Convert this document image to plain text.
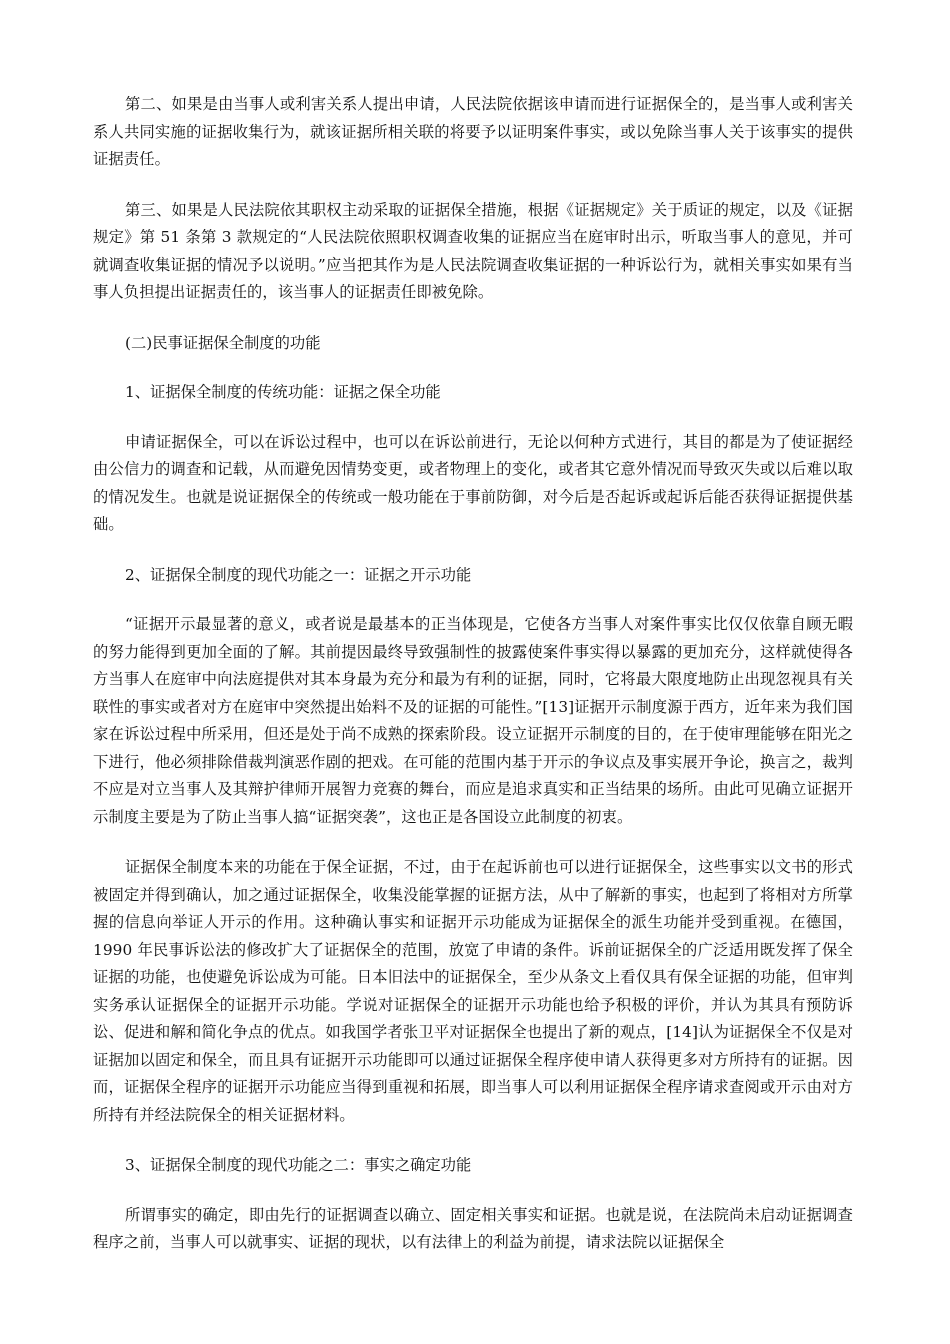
第二、如果是由当事人或利害关系人提出申请，人民法院依据该申请而进行证据保全的，是当事人或利害关系人共同实施的证据收集行为，就该证据所相关联的将要予以证明案件事实，或以免除当事人关于该事实的提供证据责任。

第三、如果是人民法院依其职权主动采取的证据保全措施，根据《证据规定》关于质证的规定，以及《证据规定》第 51 条第 3 款规定的“人民法院依照职权调查收集的证据应当在庭审时出示，听取当事人的意见，并可就调查收集证据的情况予以说明。”应当把其作为是人民法院调查收集证据的一种诉讼行为，就相关事实如果有当事人负担提出证据责任的，该当事人的证据责任即被免除。

(二)民事证据保全制度的功能

1、证据保全制度的传统功能：证据之保全功能

申请证据保全，可以在诉讼过程中，也可以在诉讼前进行，无论以何种方式进行，其目的都是为了使证据经由公信力的调查和记载，从而避免因情势变更，或者物理上的变化，或者其它意外情况而导致灭失或以后难以取的情况发生。也就是说证据保全的传统或一般功能在于事前防御，对今后是否起诉或起诉后能否获得证据提供基础。

2、证据保全制度的现代功能之一：证据之开示功能

“证据开示最显著的意义，或者说是最基本的正当体现是，它使各方当事人对案件事实比仅仅依靠自顾无暇的努力能得到更加全面的了解。其前提因最终导致强制性的披露使案件事实得以暴露的更加充分，这样就使得各方当事人在庭审中向法庭提供对其本身最为充分和最为有利的证据，同时，它将最大限度地防止出现忽视具有关联性的事实或者对方在庭审中突然提出始料不及的证据的可能性。”[13]证据开示制度源于西方，近年来为我们国家在诉讼过程中所采用，但还是处于尚不成熟的探索阶段。设立证据开示制度的目的，在于使审理能够在阳光之下进行，他必须排除借裁判演恶作剧的把戏。在可能的范围内基于开示的争议点及事实展开争论，换言之，裁判不应是对立当事人及其辩护律师开展智力竞赛的舞台，而应是追求真实和正当结果的场所。由此可见确立证据开示制度主要是为了防止当事人搞“证据突袭”，这也正是各国设立此制度的初衷。

证据保全制度本来的功能在于保全证据，不过，由于在起诉前也可以进行证据保全，这些事实以文书的形式被固定并得到确认，加之通过证据保全，收集没能掌握的证据方法，从中了解新的事实，也起到了将相对方所掌握的信息向举证人开示的作用。这种确认事实和证据开示功能成为证据保全的派生功能并受到重视。在德国，1990 年民事诉讼法的修改扩大了证据保全的范围，放宽了申请的条件。诉前证据保全的广泛适用既发挥了保全证据的功能，也使避免诉讼成为可能。日本旧法中的证据保全，至少从条文上看仅具有保全证据的功能，但审判实务承认证据保全的证据开示功能。学说对证据保全的证据开示功能也给予积极的评价，并认为其具有预防诉讼、促进和解和简化争点的优点。如我国学者张卫平对证据保全也提出了新的观点，[14]认为证据保全不仅是对证据加以固定和保全，而且具有证据开示功能即可以通过证据保全程序使申请人获得更多对方所持有的证据。因而，证据保全程序的证据开示功能应当得到重视和拓展，即当事人可以利用证据保全程序请求查阅或开示由对方所持有并经法院保全的相关证据材料。

3、证据保全制度的现代功能之二：事实之确定功能

所谓事实的确定，即由先行的证据调查以确立、固定相关事实和证据。也就是说，在法院尚未启动证据调查程序之前，当事人可以就事实、证据的现状，以有法律上的利益为前提，请求法院以证据保全
